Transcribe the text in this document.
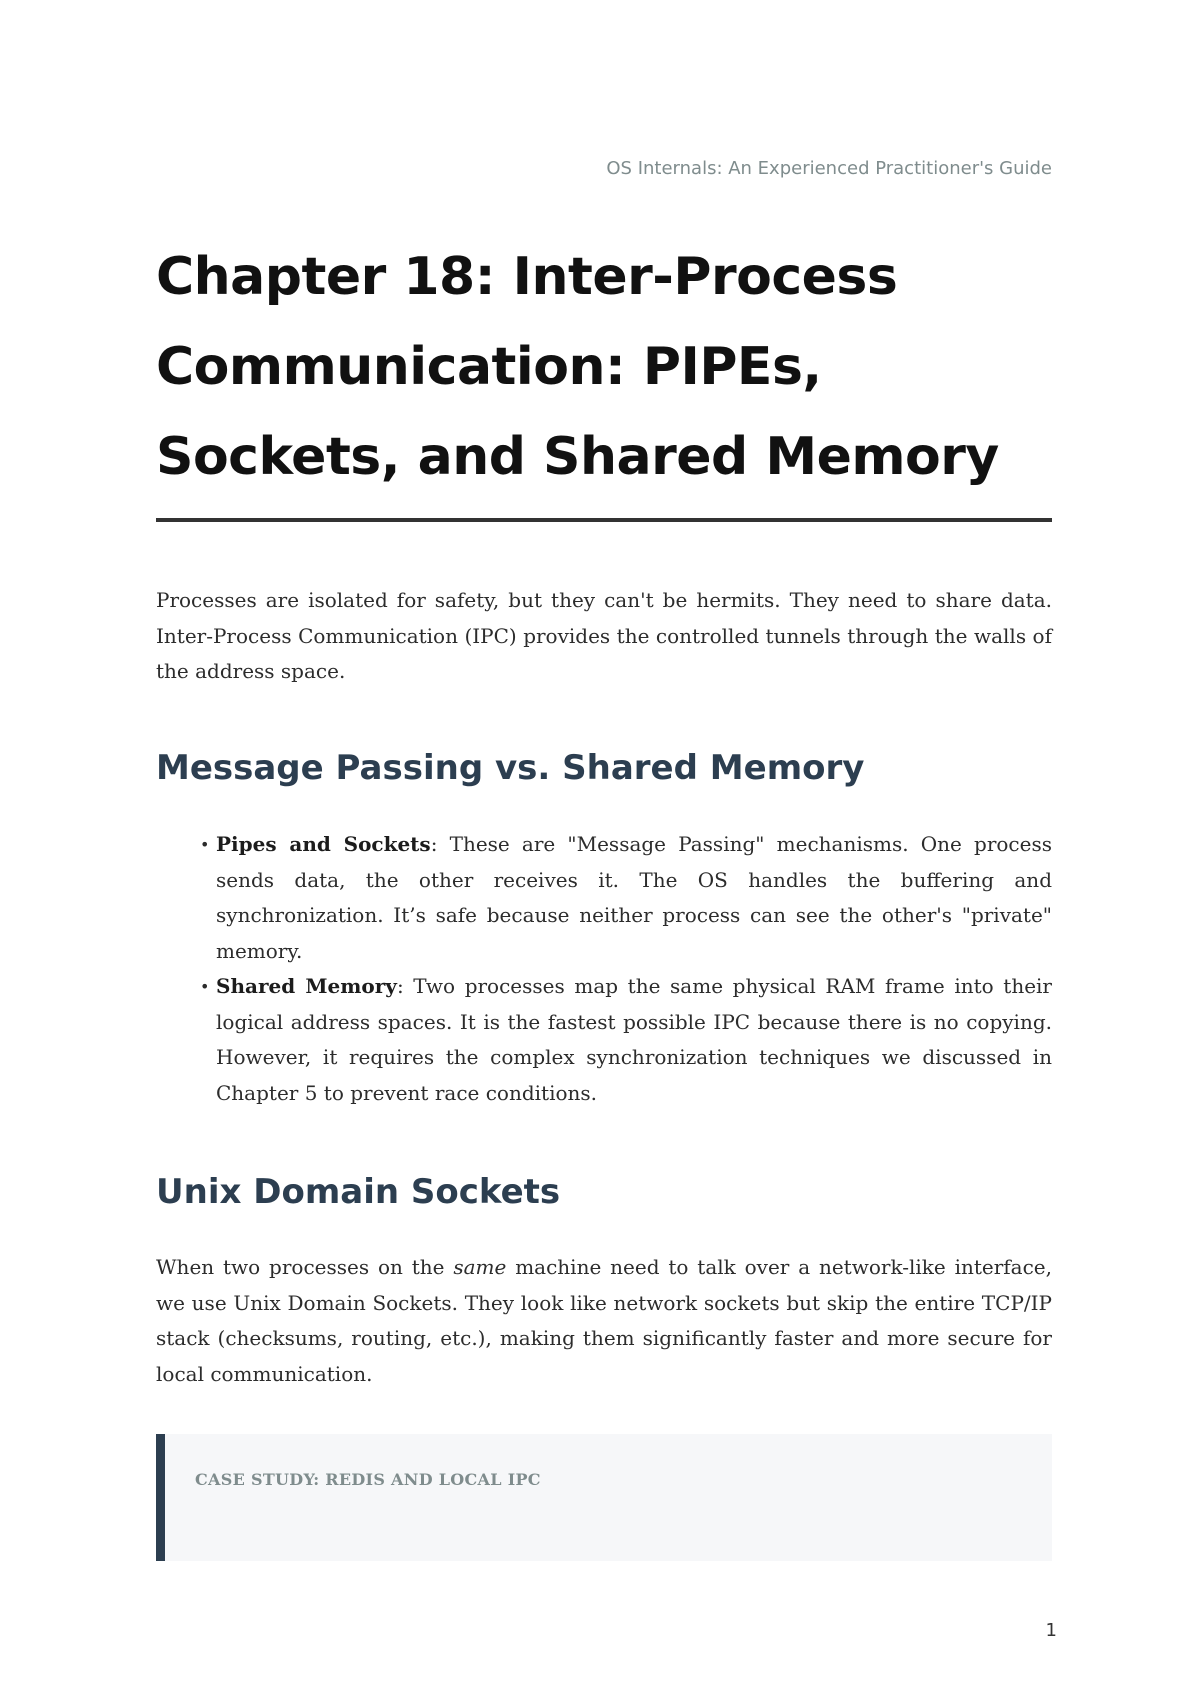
OS Internals: An Experienced Practitioner's Guide
Chapter 18: Inter-Process Communication: PIPEs, Sockets, and Shared Memory

Processes are isolated for safety, but they can't be hermits. They need to share data. Inter-Process Communication (IPC) provides the controlled tunnels through the walls of the address space.

Message Passing vs. Shared Memory
• Pipes and Sockets: These are "Message Passing" mechanisms. One process sends data, the other receives it. The OS handles the buffering and synchronization. It’s safe because neither process can see the other's "private" memory.
• Shared Memory: Two processes map the same physical RAM frame into their logical address spaces. It is the fastest possible IPC because there is no copying. However, it requires the complex synchronization techniques we discussed in Chapter 5 to prevent race conditions.
Unix Domain Sockets

When two processes on the same machine need to talk over a network-like interface, we use Unix Domain Sockets. They look like network sockets but skip the entire TCP/IP stack (checksums, routing, etc.), making them significantly faster and more secure for local communication.

CASE STUDY: REDIS AND LOCAL IPC
1
